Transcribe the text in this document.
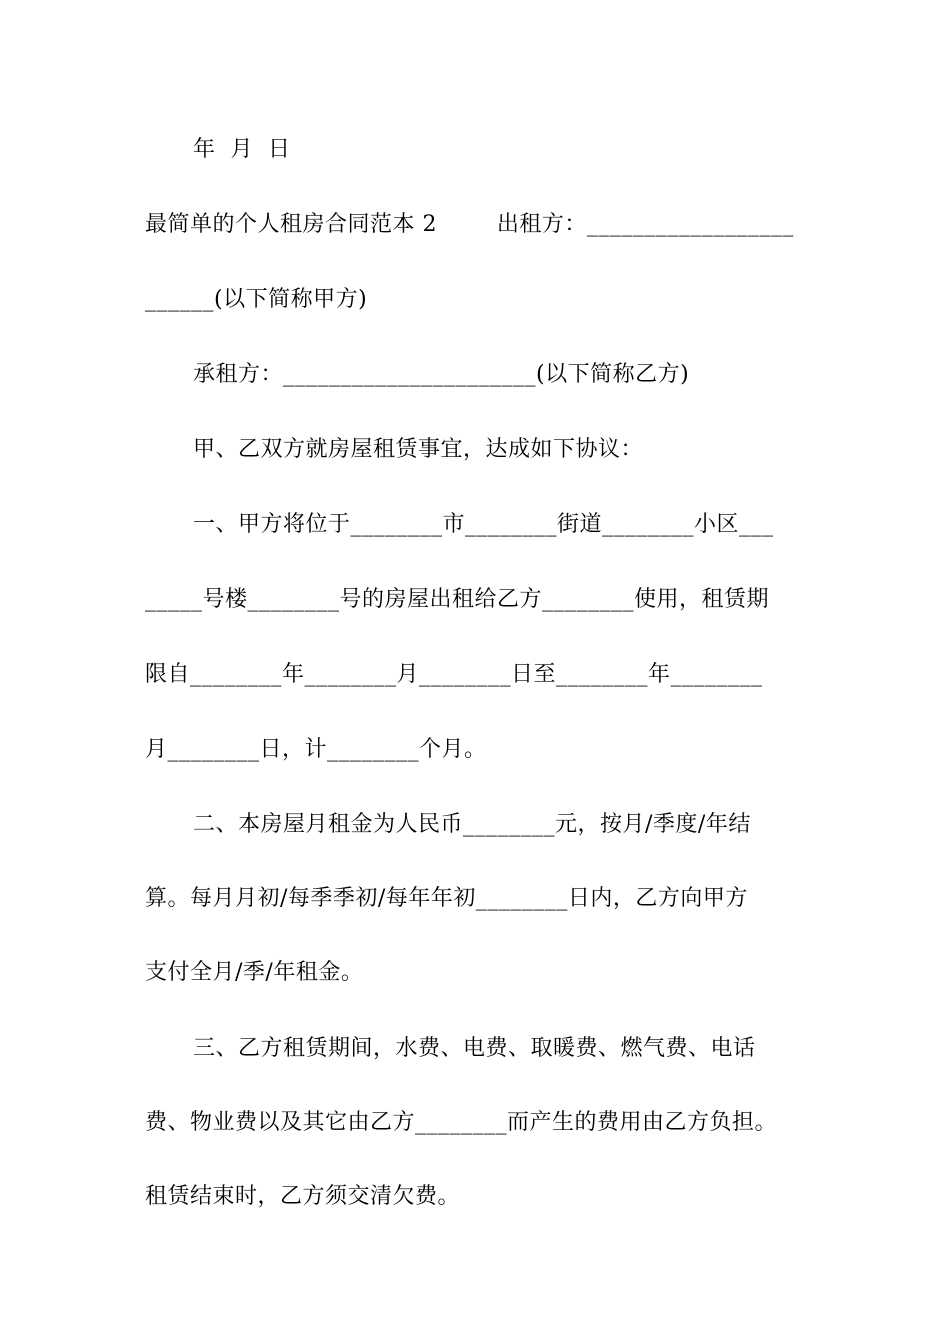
年  月  日
最简单的个人租房合同范本 2        出租方：__________________
______(以下简称甲方)
承租方：______________________(以下简称乙方)
甲、乙双方就房屋租赁事宜，达成如下协议：
一、甲方将位于________市________街道________小区___
_____号楼________号的房屋出租给乙方________使用，租赁期
限自________年________月________日至________年________
月________日，计________个月。
二、本房屋月租金为人民币________元，按月/季度/年结
算。每月月初/每季季初/每年年初________日内，乙方向甲方
支付全月/季/年租金。
三、乙方租赁期间，水费、电费、取暖费、燃气费、电话
费、物业费以及其它由乙方________而产生的费用由乙方负担。
租赁结束时，乙方须交清欠费。
